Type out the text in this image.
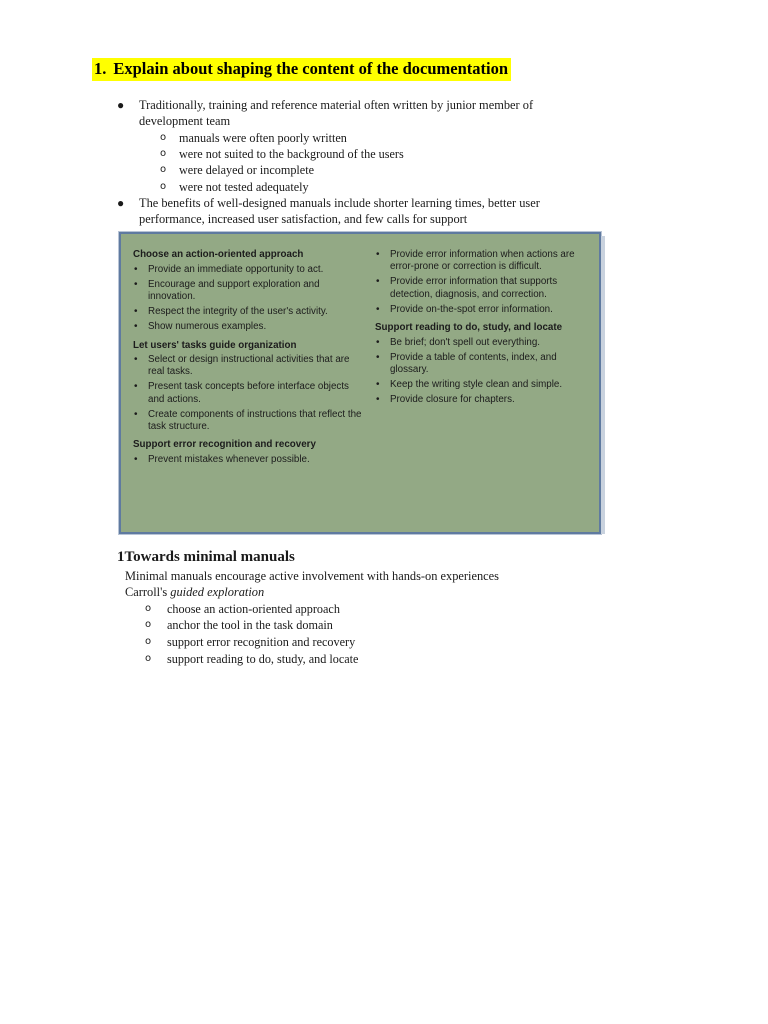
1. Explain about shaping the content of the documentation
● Traditionally, training and reference material often written by junior member of development team
o manuals were often poorly written
o were not suited to the background of the users
o were delayed or incomplete
o were not tested adequately
● The benefits of well-designed manuals include shorter learning times, better user performance, increased user satisfaction, and few calls for support
Choose an action-oriented approach
• Provide an immediate opportunity to act.
• Encourage and support exploration and innovation.
• Respect the integrity of the user's activity.
• Show numerous examples.
Let users' tasks guide organization
• Select or design instructional activities that are real tasks.
• Present task concepts before interface objects and actions.
• Create components of instructions that reflect the task structure.
Support error recognition and recovery
• Prevent mistakes whenever possible.
• Provide error information when actions are error-prone or correction is difficult.
• Provide error information that supports detection, diagnosis, and correction.
• Provide on-the-spot error information.
Support reading to do, study, and locate
• Be brief; don't spell out everything.
• Provide a table of contents, index, and glossary.
• Keep the writing style clean and simple.
• Provide closure for chapters.
1Towards minimal manuals
Minimal manuals encourage active involvement with hands-on experiences
Carroll's guided exploration
o choose an action-oriented approach
o anchor the tool in the task domain
o support error recognition and recovery
o support reading to do, study, and locate
